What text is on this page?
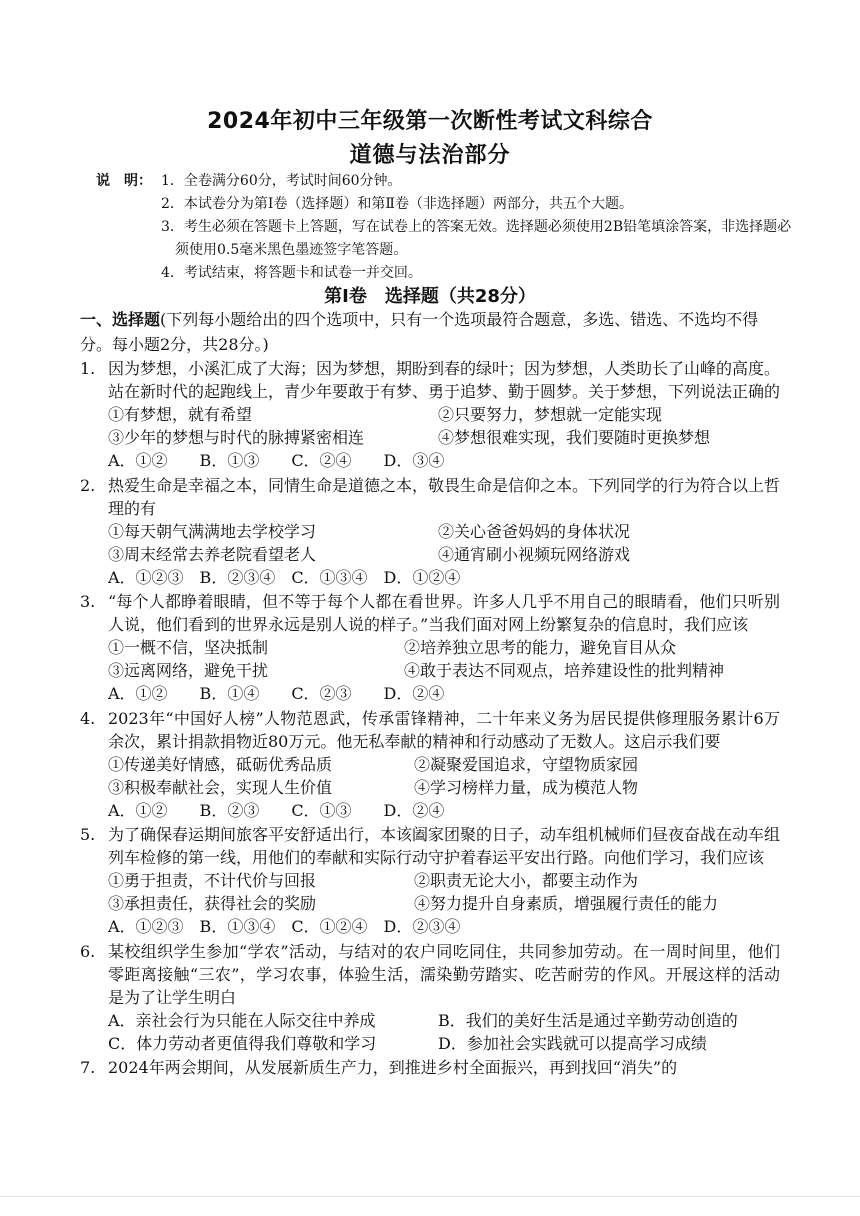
2024年初中三年级第一次断性考试文科综合
道德与法治部分
说　明： 1．全卷满分60分，考试时间60分钟。
2．本试卷分为第Ⅰ卷（选择题）和第Ⅱ卷（非选择题）两部分，共五个大题。
3．考生必须在答题卡上答题，写在试卷上的答案无效。选择题必须使用2B铅笔填涂答案，非选择题必须使用0.5毫米黑色墨迹签字笔答题。
4．考试结束，将答题卡和试卷一并交回。
第Ⅰ卷　选择题（共28分）
一、选择题(下列每小题给出的四个选项中，只有一个选项最符合题意，多选、错选、不选均不得分。每小题2分，共28分。)
1. 因为梦想，小溪汇成了大海；因为梦想，期盼到春的绿叶；因为梦想，人类助长了山峰的高度。站在新时代的起跑线上，青少年要敢于有梦、勇于追梦、勤于圆梦。关于梦想，下列说法正确的
①有梦想，就有希望	②只要努力，梦想就一定能实现
③少年的梦想与时代的脉搏紧密相连	④梦想很难实现，我们要随时更换梦想
A．①②　　B．①③　　C．②④　　D．③④
2. 热爱生命是幸福之本，同情生命是道德之本，敬畏生命是信仰之本。下列同学的行为符合以上哲理的有
①每天朝气满满地去学校学习	②关心爸爸妈妈的身体状况
③周末经常去养老院看望老人	④通宵刷小视频玩网络游戏
A．①②③　B．②③④　C．①③④　D．①②④
3. “每个人都睁着眼睛，但不等于每个人都在看世界。许多人几乎不用自己的眼睛看，他们只听别人说，他们看到的世界永远是别人说的样子。”当我们面对网上纷繁复杂的信息时，我们应该
①一概不信，坚决抵制	②培养独立思考的能力，避免盲目从众
③远离网络，避免干扰	④敢于表达不同观点，培养建设性的批判精神
A．①②　　B．①④　　C．②③　　D．②④
4. 2023年“中国好人榜”人物范恩武，传承雷锋精神，二十年来义务为居民提供修理服务累计6万余次，累计捐款捐物近80万元。他无私奉献的精神和行动感动了无数人。这启示我们要
①传递美好情感，砥砺优秀品质	②凝聚爱国追求，守望物质家园
③积极奉献社会，实现人生价值	④学习榜样力量，成为模范人物
A．①②　　B．②③　　C．①③　　D．②④
5. 为了确保春运期间旅客平安舒适出行，本该阖家团聚的日子，动车组机械师们昼夜奋战在动车组列车检修的第一线，用他们的奉献和实际行动守护着春运平安出行路。向他们学习，我们应该
①勇于担责，不计代价与回报	②职责无论大小，都要主动作为
③承担责任，获得社会的奖励	④努力提升自身素质，增强履行责任的能力
A．①②③　B．①③④　C．①②④　D．②③④
6. 某校组织学生参加“学农”活动，与结对的农户同吃同住，共同参加劳动。在一周时间里，他们零距离接触“三农”，学习农事，体验生活，濡染勤劳踏实、吃苦耐劳的作风。开展这样的活动是为了让学生明白
A．亲社会行为只能在人际交往中养成	B．我们的美好生活是通过辛勤劳动创造的
C．体力劳动者更值得我们尊敬和学习	D．参加社会实践就可以提高学习成绩
7. 2024年两会期间，从发展新质生产力，到推进乡村全面振兴，再到找回“消失”的
